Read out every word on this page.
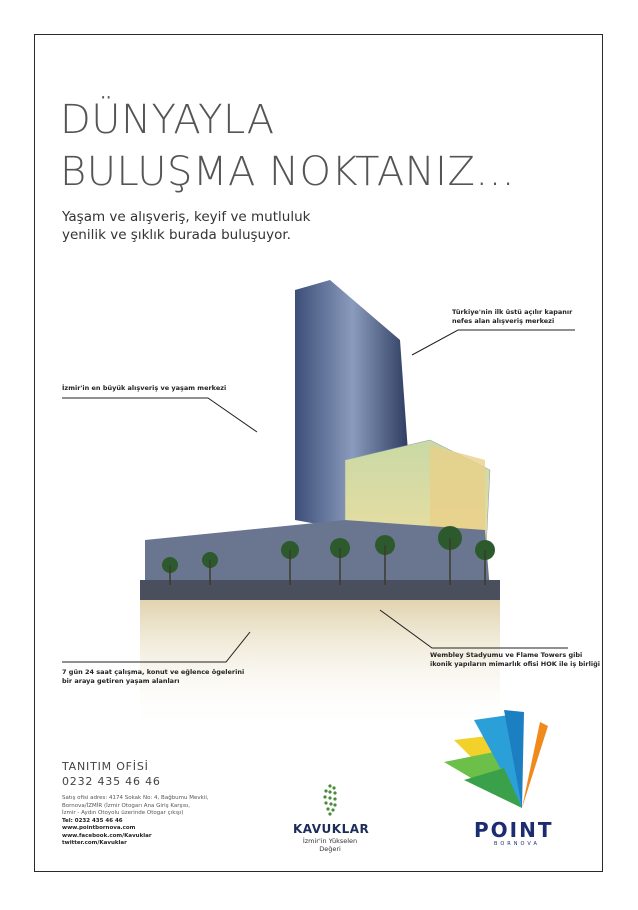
DÜNYAYLA
BULUŞMA NOKTANIZ...
Yaşam ve alışveriş, keyif ve mutluluk
yenilik ve şıklık burada buluşuyor.
Türkiye'nin ilk üstü açılır kapanır
nefes alan alışveriş merkezi
İzmir'in en büyük alışveriş ve yaşam merkezi
Wembley Stadyumu ve Flame Towers gibi
ikonik yapıların mimarlık ofisi HOK ile iş birliği
7 gün 24 saat çalışma, konut ve eğlence ögelerini
bir araya getiren yaşam alanları
TANITIM OFİSİ
0232 435 46 46
Satış ofisi adres: 4174 Sokak No: 4, Bağbumu Mevkii,
Bornova/İZMİR (İzmir Otogarı Ana Giriş Karşısı,
İzmir - Aydın Otoyolu üzerinde Otogar çıkışı)
Tel: 0232 435 46 46
www.pointbornova.com
www.facebook.com/Kavuklar
twitter.com/Kavuklar
KAVUKLAR
İzmir'in Yükselen Değeri
POINT
BORNOVA
